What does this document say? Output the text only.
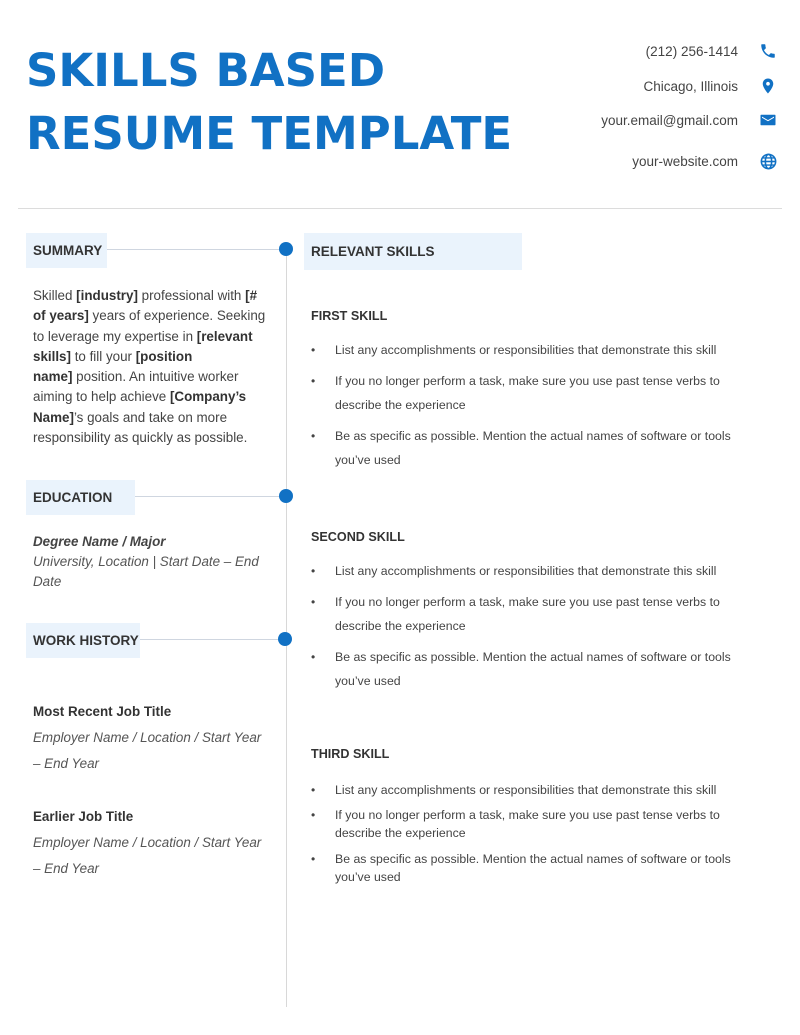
SKILLS BASED
RESUME TEMPLATE
(212) 256-1414
Chicago, Illinois
your.email@gmail.com
your-website.com
SUMMARY
Skilled [industry] professional with [#
of years] years of experience. Seeking
to leverage my expertise in [relevant
skills] to fill your [position
name] position. An intuitive worker
aiming to help achieve [Company’s
Name]’s goals and take on more
responsibility as quickly as possible.
EDUCATION
Degree Name / Major
University, Location | Start Date – End
Date
WORK HISTORY
Most Recent Job Title
Employer Name / Location / Start Year
– End Year
Earlier Job Title
Employer Name / Location / Start Year
– End Year
RELEVANT SKILLS
FIRST SKILL
• List any accomplishments or responsibilities that demonstrate this skill
• If you no longer perform a task, make sure you use past tense verbs to
describe the experience
• Be as specific as possible. Mention the actual names of software or tools
you’ve used
SECOND SKILL
• List any accomplishments or responsibilities that demonstrate this skill
• If you no longer perform a task, make sure you use past tense verbs to
describe the experience
• Be as specific as possible. Mention the actual names of software or tools
you’ve used
THIRD SKILL
• List any accomplishments or responsibilities that demonstrate this skill
• If you no longer perform a task, make sure you use past tense verbs to
describe the experience
• Be as specific as possible. Mention the actual names of software or tools
you’ve used
